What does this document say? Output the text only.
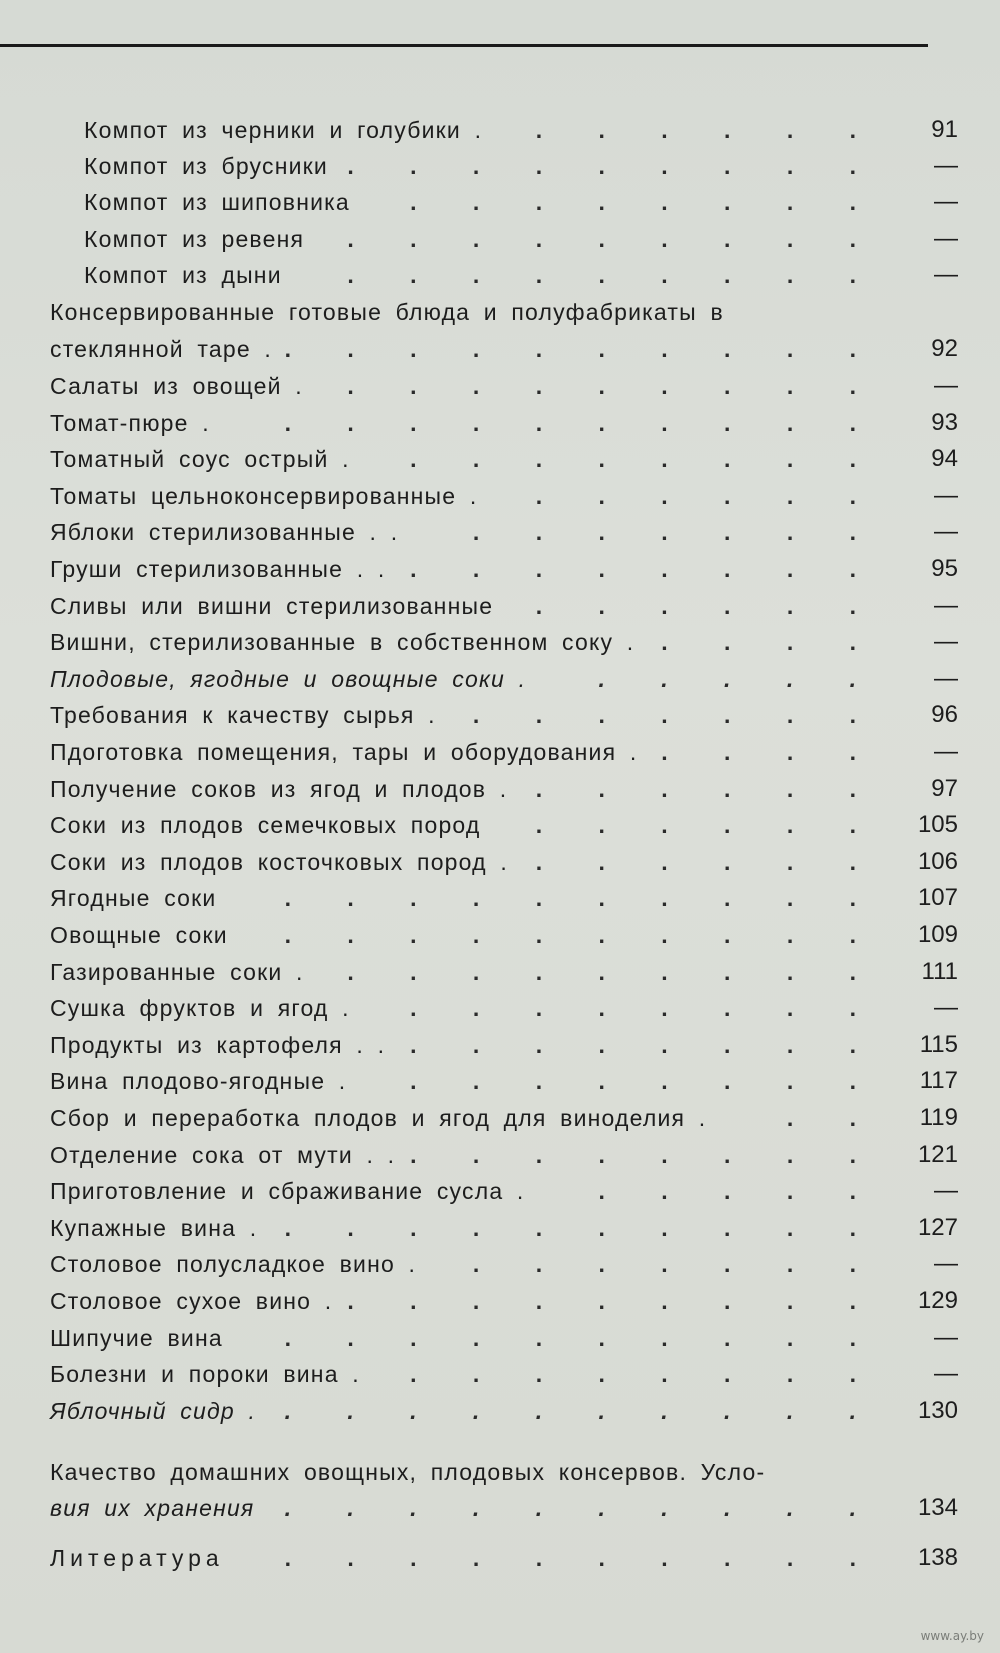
Компот из черники и голубики . . . . . . .	91
Компот из брусники . . . . . . . . .	—
Компот из шиповника	. . . . . . . .	—
Компот из ревеня . . . . . . . . .	—
Компот из дыни	. . . . . . . . .	—
Консервированные готовые блюда и полуфабрикаты в
стеклянной таре . . . . . . . . . . .	92
Салаты из овощей . . . . . . . . . .	—
Томат-пюре .	. . . . . . . . . .	93
Томатный соус острый .	. . . . . . . .	94
Томаты цельноконсервированные .	. . . . . .	—
Яблоки стерилизованные . .	. . . . . . .	—
Груши стерилизованные . . . . . . . . . .	95
Сливы или вишни стерилизованные . . . . . .	—
Вишни, стерилизованные в собственном соку . . . . .	—
Плодовые, ягодные и овощные соки .	. . . . .	—
Требования к качеству сырья . . . . . . . .	96
Пдоготовка помещения, тары и оборудования . . . . .	—
Получение соков из ягод и плодов . . . . . . .	97
Соки из плодов семечковых пород . . . . . .	105
Соки из плодов косточковых пород . . . . . . .	106
Ягодные соки	. . . . . . . . . .	107
Овощные соки . . . . . . . . . .	109
Газированные соки . . . . . . . . . .	111
Сушка фруктов и ягод .	. . . . . . . .	—
Продукты из картофеля . . . . . . . . . .	115
Вина плодово-ягодные .	. . . . . . . .	117
Сбор и переработка плодов и ягод для виноделия .	. .	119
Отделение сока от мути . . . . . . . . . .	121
Приготовление и сбраживание сусла .	. . . . .	—
Купажные вина . . . . . . . . . . .	127
Столовое полусладкое вино . . . . . . . .	—
Столовое сухое вино . . . . . . . . . .	129
Шипучие вина	. . . . . . . . . .	—
Болезни и пороки вина . . . . . . . . .	—
Яблочный сидр . . . . . . . . . . .	130
Качество домашних овощных, плодовых консервов. Усло-
вия их хранения . . . . . . . . . .	134
Литература	. . . . . . . . . .	138
www.ay.by
